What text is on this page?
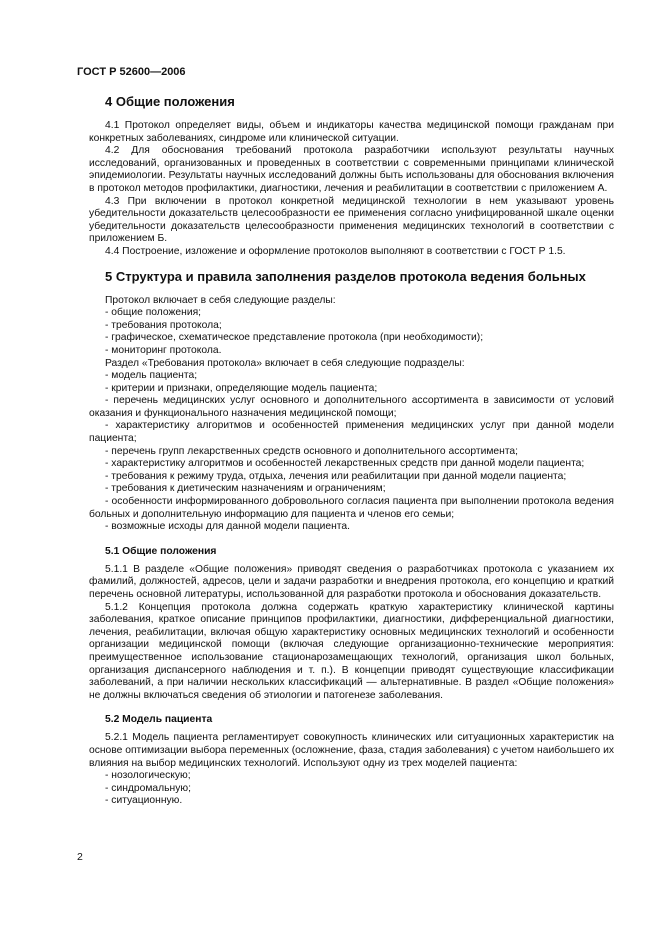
ГОСТ Р 52600—2006
4 Общие положения

4.1 Протокол определяет виды, объем и индикаторы качества медицинской помощи гражданам при конкретных заболеваниях, синдроме или клинической ситуации.

4.2 Для обоснования требований протокола разработчики используют результаты научных исследований, организованных и проведенных в соответствии с современными принципами клинической эпидемиологии. Результаты научных исследований должны быть использованы для обоснования включения в протокол методов профилактики, диагностики, лечения и реабилитации в соответствии с приложением А.

4.3 При включении в протокол конкретной медицинской технологии в нем указывают уровень убедительности доказательств целесообразности ее применения согласно унифицированной шкале оценки убедительности доказательств целесообразности применения медицинских технологий в соответствии с приложением Б.

4.4 Построение, изложение и оформление протоколов выполняют в соответствии с ГОСТ Р 1.5.

5 Структура и правила заполнения разделов протокола ведения больных

Протокол включает в себя следующие разделы:

- общие положения;

- требования протокола;

- графическое, схематическое представление протокола (при необходимости);

- мониторинг протокола.

Раздел «Требования протокола» включает в себя следующие подразделы:

- модель пациента;

- критерии и признаки, определяющие модель пациента;

- перечень медицинских услуг основного и дополнительного ассортимента в зависимости от условий оказания и функционального назначения медицинской помощи;

- характеристику алгоритмов и особенностей применения медицинских услуг при данной модели пациента;

- перечень групп лекарственных средств основного и дополнительного ассортимента;

- характеристику алгоритмов и особенностей лекарственных средств при данной модели пациента;

- требования к режиму труда, отдыха, лечения или реабилитации при данной модели пациента;

- требования к диетическим назначениям и ограничениям;

- особенности информированного добровольного согласия пациента при выполнении протокола ведения больных и дополнительную информацию для пациента и членов его семьи;

- возможные исходы для данной модели пациента.

5.1 Общие положения

5.1.1 В разделе «Общие положения» приводят сведения о разработчиках протокола с указанием их фамилий, должностей, адресов, цели и задачи разработки и внедрения протокола, его концепцию и краткий перечень основной литературы, использованной для разработки протокола и обоснования доказательств.

5.1.2 Концепция протокола должна содержать краткую характеристику клинической картины заболевания, краткое описание принципов профилактики, диагностики, дифференциальной диагностики, лечения, реабилитации, включая общую характеристику основных медицинских технологий и особенности организации медицинской помощи (включая следующие организационно-технические мероприятия: преимущественное использование стационарозамещающих технологий, организация школ больных, организация диспансерного наблюдения и т. п.). В концепции приводят существующие классификации заболеваний, а при наличии нескольких классификаций — альтернативные. В раздел «Общие положения» не должны включаться сведения об этиологии и патогенезе заболевания.

5.2 Модель пациента

5.2.1 Модель пациента регламентирует совокупность клинических или ситуационных характеристик на основе оптимизации выбора переменных (осложнение, фаза, стадия заболевания) с учетом наибольшего их влияния на выбор медицинских технологий. Используют одну из трех моделей пациента:

- нозологическую;

- синдромальную;

- ситуационную.

2
